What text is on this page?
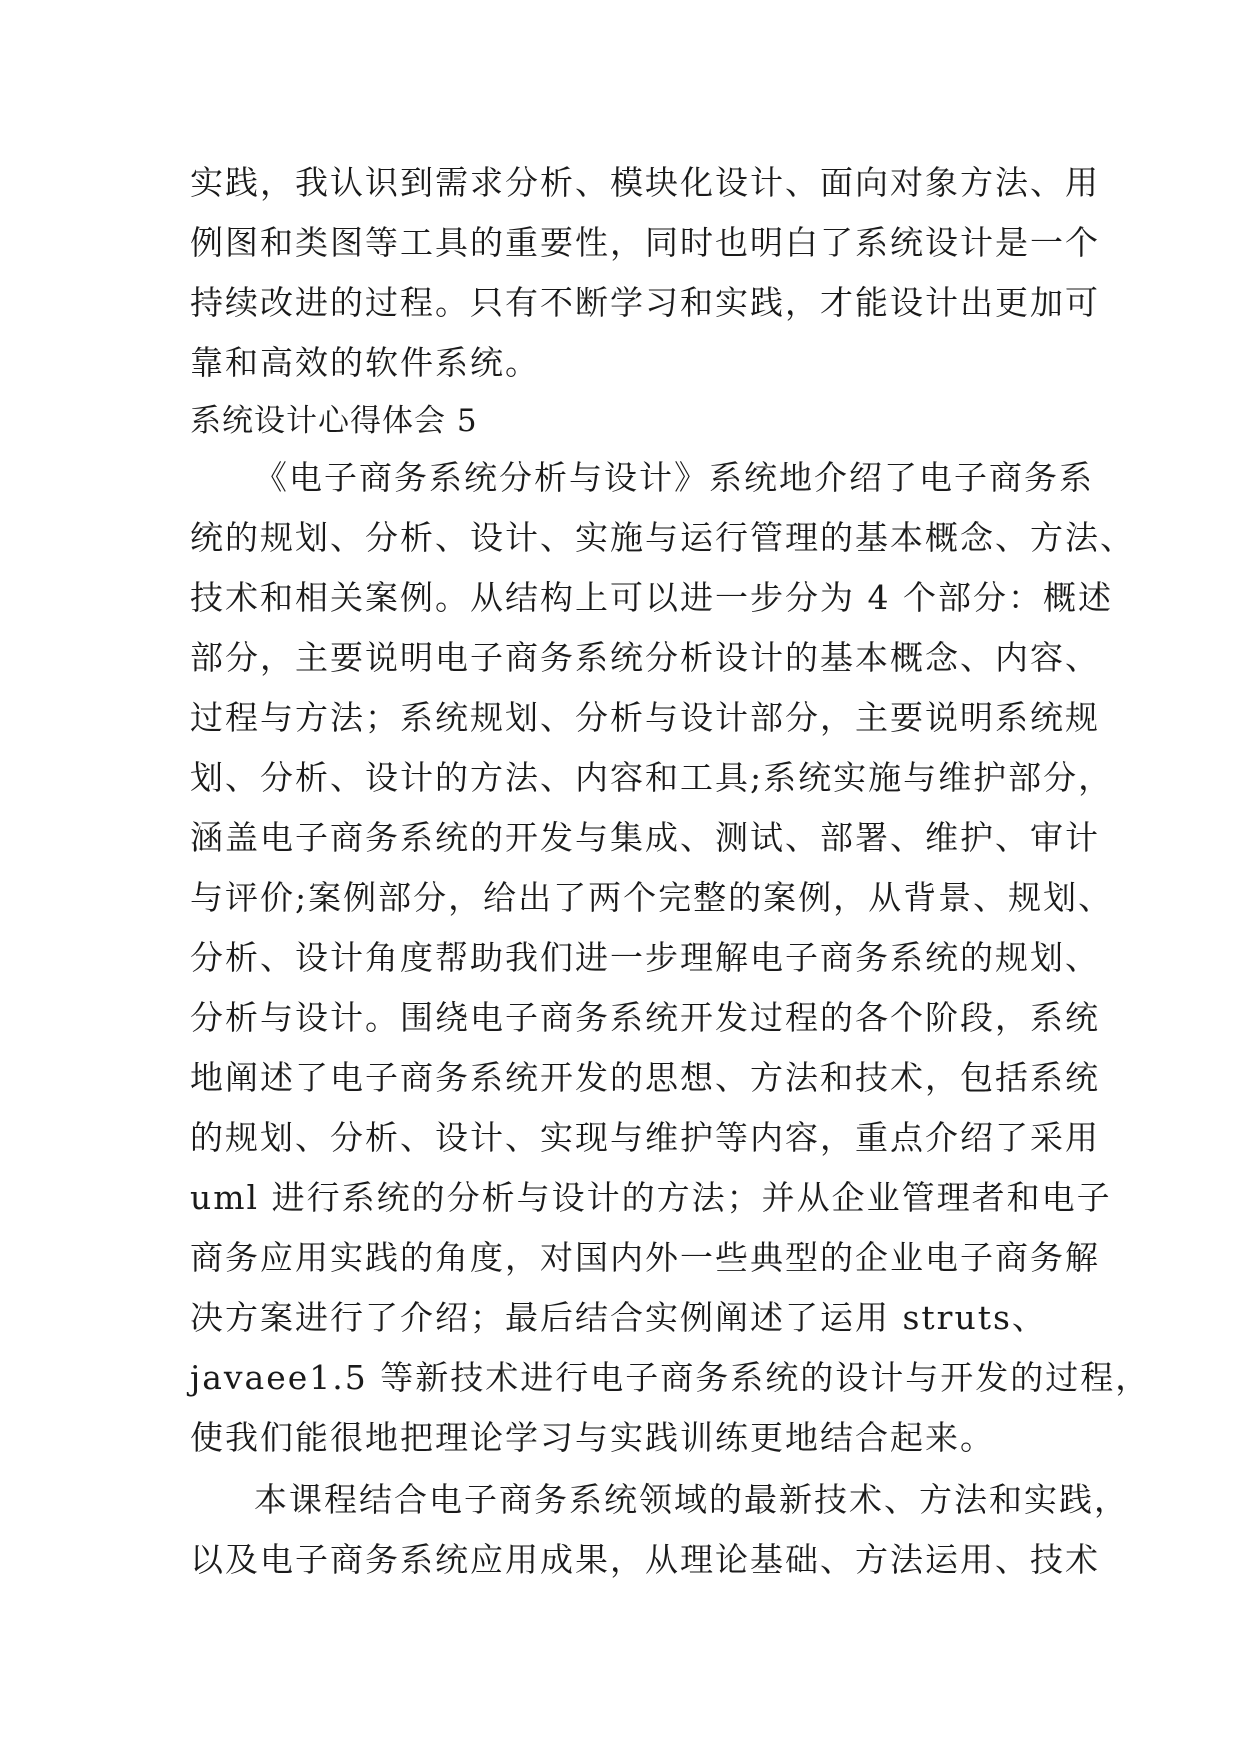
实践，我认识到需求分析、模块化设计、面向对象方法、用
例图和类图等工具的重要性，同时也明白了系统设计是一个
持续改进的过程。只有不断学习和实践，才能设计出更加可
靠和高效的软件系统。
系统设计心得体会 5
《电子商务系统分析与设计》系统地介绍了电子商务系
统的规划、分析、设计、实施与运行管理的基本概念、方法、
技术和相关案例。从结构上可以进一步分为 4 个部分：概述
部分，主要说明电子商务系统分析设计的基本概念、内容、
过程与方法；系统规划、分析与设计部分，主要说明系统规
划、分析、设计的方法、内容和工具;系统实施与维护部分，
涵盖电子商务系统的开发与集成、测试、部署、维护、审计
与评价;案例部分，给出了两个完整的案例，从背景、规划、
分析、设计角度帮助我们进一步理解电子商务系统的规划、
分析与设计。围绕电子商务系统开发过程的各个阶段，系统
地阐述了电子商务系统开发的思想、方法和技术，包括系统
的规划、分析、设计、实现与维护等内容，重点介绍了采用
uml 进行系统的分析与设计的方法；并从企业管理者和电子
商务应用实践的角度，对国内外一些典型的企业电子商务解
决方案进行了介绍；最后结合实例阐述了运用 struts、
javaee1.5 等新技术进行电子商务系统的设计与开发的过程，
使我们能很地把理论学习与实践训练更地结合起来。
本课程结合电子商务系统领域的最新技术、方法和实践，
以及电子商务系统应用成果，从理论基础、方法运用、技术
